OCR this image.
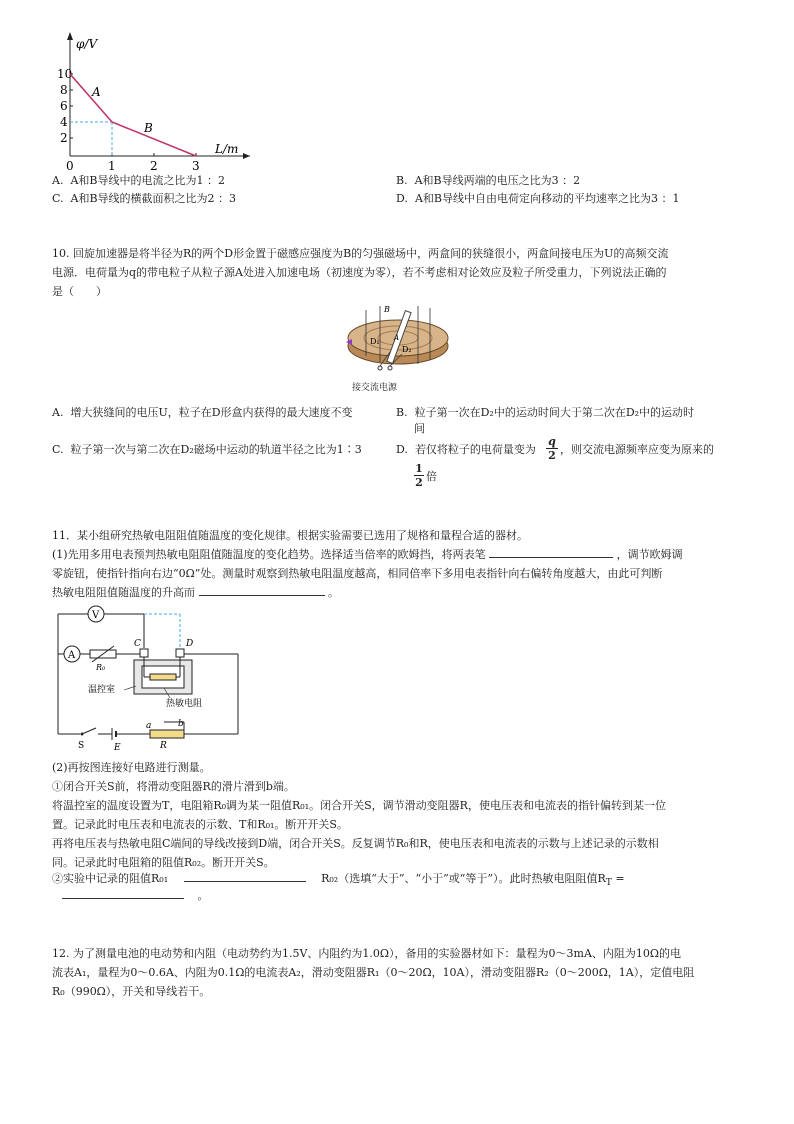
φ/V
L/m
10
8
6
4
2
0	1	2	3
A
B
A. A和B导线中的电流之比为1 ：2	B. A和B导线两端的电压之比为3 ：2
C. A和B导线的横截面积之比为2 ：3	D. A和B导线中自由电荷定向移动的平均速率之比为3 ：1
10. 回旋加速器是将半径为R的两个D形金置于磁感应强度为B的匀强磁场中，两盒间的狭缝很小，两盒间接电压为U的高频交流
电源．电荷量为q的带电粒子从粒子源A处进入加速电场（初速度为零），若不考虑相对论效应及粒子所受重力，下列说法正确的
是（　　）
B
A
D₁
D₂
接交流电源
A. 增大狭缝间的电压U，粒子在D形盒内获得的最大速度不变	B. 粒子第一次在D₂中的运动时间大于第二次在D₂中的运动时
间
C. 粒子第一次与第二次在D₂磁场中运动的轨道半径之比为1∶3	D. 若仅将粒子的电荷量变为 $\frac{q}{2}$ ，则交流电源频率应变为原来的
$\frac{1}{2}$ 倍
11．某小组研究热敏电阻阻值随温度的变化规律。根据实验需要已选用了规格和量程合适的器材。
(1)先用多用电表预判热敏电阻阻值随温度的变化趋势。选择适当倍率的欧姆挡，将两表笔	，调节欧姆调
零旋钮，使指针指向右边“0Ω”处。测量时观察到热敏电阻温度越高，相同倍率下多用电表指针向右偏转角度越大，由此可判断
热敏电阻阻值随温度的升高而	。
V
A
R₀
C	D
温控室
热敏电阻
S	E
a	b
R
(2)再按图连接好电路进行测量。
①闭合开关S前，将滑动变阻器R的滑片滑到b端。
将温控室的温度设置为T，电阻箱R₀调为某一阻值R₀₁。闭合开关S，调节滑动变阻器R，使电压表和电流表的指针偏转到某一位
置。记录此时电压表和电流表的示数、T和R₀₁。断开开关S。
再将电压表与热敏电阻C端间的导线改接到D端，闭合开关S。反复调节R₀和R，使电压表和电流表的示数与上述记录的示数相
同。记录此时电阻箱的阻值R₀₂。断开开关S。
②实验中记录的阻值R₀₁	R₀₂（选填“大于”、“小于”或“等于”）。此时热敏电阻阻值$R_T$ =
。
12. 为了测量电池的电动势和内阻（电动势约为1.5V、内阻约为1.0Ω），备用的实验器材如下：量程为0～3mA、内阻为10Ω的电
流表A₁，量程为0～0.6A、内阻为0.1Ω的电流表A₂，滑动变阻器R₁（0～20Ω，10A），滑动变阻器R₂（0～200Ω，1A），定值电阻
R₀（990Ω），开关和导线若干。
